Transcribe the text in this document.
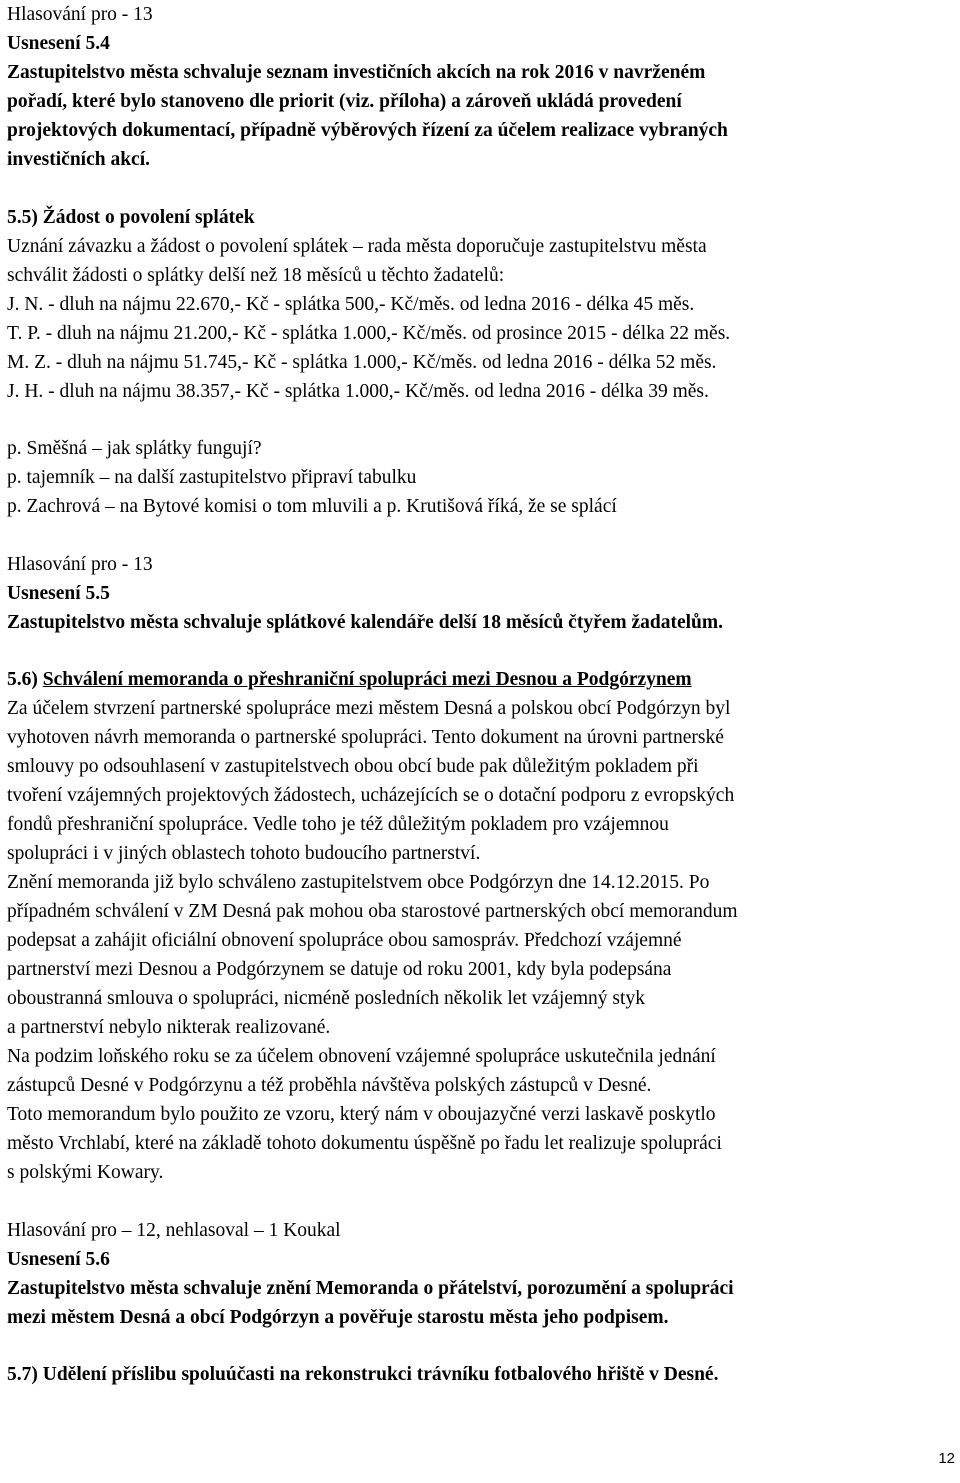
Hlasování pro - 13
Usnesení 5.4
Zastupitelstvo města schvaluje seznam investičních akcích na rok 2016 v navrženém
pořadí, které bylo stanoveno dle priorit (viz. příloha) a zároveň ukládá provedení
projektových dokumentací, případně výběrových řízení za účelem realizace vybraných
investičních akcí.
5.5) Žádost o povolení splátek
Uznání závazku a žádost o povolení splátek – rada města doporučuje zastupitelstvu města
schválit žádosti o splátky delší než 18 měsíců u těchto žadatelů:
J. N. - dluh na nájmu 22.670,- Kč - splátka 500,- Kč/měs. od ledna 2016 - délka 45 měs.
T. P. - dluh na nájmu 21.200,- Kč - splátka 1.000,- Kč/měs. od prosince 2015 - délka 22 měs.
M. Z. - dluh na nájmu 51.745,- Kč - splátka 1.000,- Kč/měs. od ledna 2016 - délka 52 měs.
J. H. - dluh na nájmu 38.357,- Kč - splátka 1.000,- Kč/měs. od ledna 2016 - délka 39 měs.
p. Směšná – jak splátky fungují?
p. tajemník – na další zastupitelstvo připraví tabulku
p. Zachrová – na Bytové komisi o tom mluvili a p. Krutišová říká, že se splácí
Hlasování pro - 13
Usnesení 5.5
Zastupitelstvo města schvaluje splátkové kalendáře delší 18 měsíců čtyřem žadatelům.
5.6) Schválení memoranda o přeshraniční spolupráci mezi Desnou a Podgórzynem
Za účelem stvrzení partnerské spolupráce mezi městem Desná a polskou obcí Podgórzyn byl
vyhotoven návrh memoranda o partnerské spolupráci. Tento dokument na úrovni partnerské
smlouvy po odsouhlasení v zastupitelstvech obou obcí bude pak důležitým pokladem při
tvoření vzájemných projektových žádostech, ucházejících se o dotační podporu z evropských
fondů přeshraniční spolupráce. Vedle toho je též důležitým pokladem pro vzájemnou
spolupráci i v jiných oblastech tohoto budoucího partnerství.
Znění memoranda již bylo schváleno zastupitelstvem obce Podgórzyn dne 14.12.2015. Po
případném schválení v ZM Desná pak mohou oba starostové partnerských obcí memorandum
podepsat a zahájit oficiální obnovení spolupráce obou samospráv. Předchozí vzájemné
partnerství mezi Desnou a Podgórzynem se datuje od roku 2001, kdy byla podepsána
oboustranná smlouva o spolupráci, nicméně posledních několik let vzájemný styk
a partnerství nebylo nikterak realizované.
Na podzim loňského roku se za účelem obnovení vzájemné spolupráce uskutečnila jednání
zástupců Desné v Podgórzynu a též proběhla návštěva polských zástupců v Desné.
Toto memorandum bylo použito ze vzoru, který nám v oboujazyčné verzi laskavě poskytlo
město Vrchlabí, které na základě tohoto dokumentu úspěšně po řadu let realizuje spolupráci
s polskými Kowary.
Hlasování pro – 12, nehlasoval – 1 Koukal
Usnesení 5.6
Zastupitelstvo města schvaluje znění Memoranda o přátelství, porozumění a spolupráci
mezi městem Desná a obcí Podgórzyn a pověřuje starostu města jeho podpisem.
5.7) Udělení příslibu spoluúčasti na rekonstrukci trávníku fotbalového hřiště v Desné.
12
